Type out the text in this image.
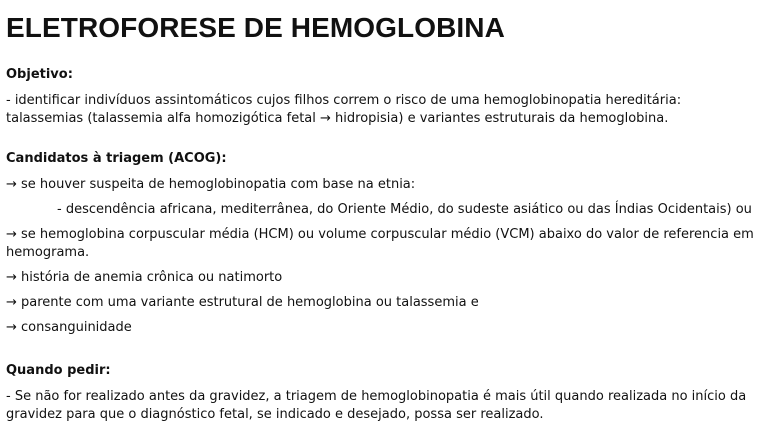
ELETROFORESE DE HEMOGLOBINA
Objetivo:

- identificar indivíduos assintomáticos cujos filhos correm o risco de uma hemoglobinopatia hereditária: talassemias (talassemia alfa homozigótica fetal → hidropisia) e variantes estruturais da hemoglobina.

Candidatos à triagem (ACOG):

→ se houver suspeita de hemoglobinopatia com base na etnia:

- descendência africana, mediterrânea, do Oriente Médio, do sudeste asiático ou das Índias Ocidentais) ou

→ se hemoglobina corpuscular média (HCM) ou volume corpuscular médio (VCM) abaixo do valor de referencia em hemograma.

→ história de anemia crônica ou natimorto

→ parente com uma variante estrutural de hemoglobina ou talassemia e

→ consanguinidade

Quando pedir:

- Se não for realizado antes da gravidez, a triagem de hemoglobinopatia é mais útil quando realizada no início da gravidez para que o diagnóstico fetal, se indicado e desejado, possa ser realizado.
